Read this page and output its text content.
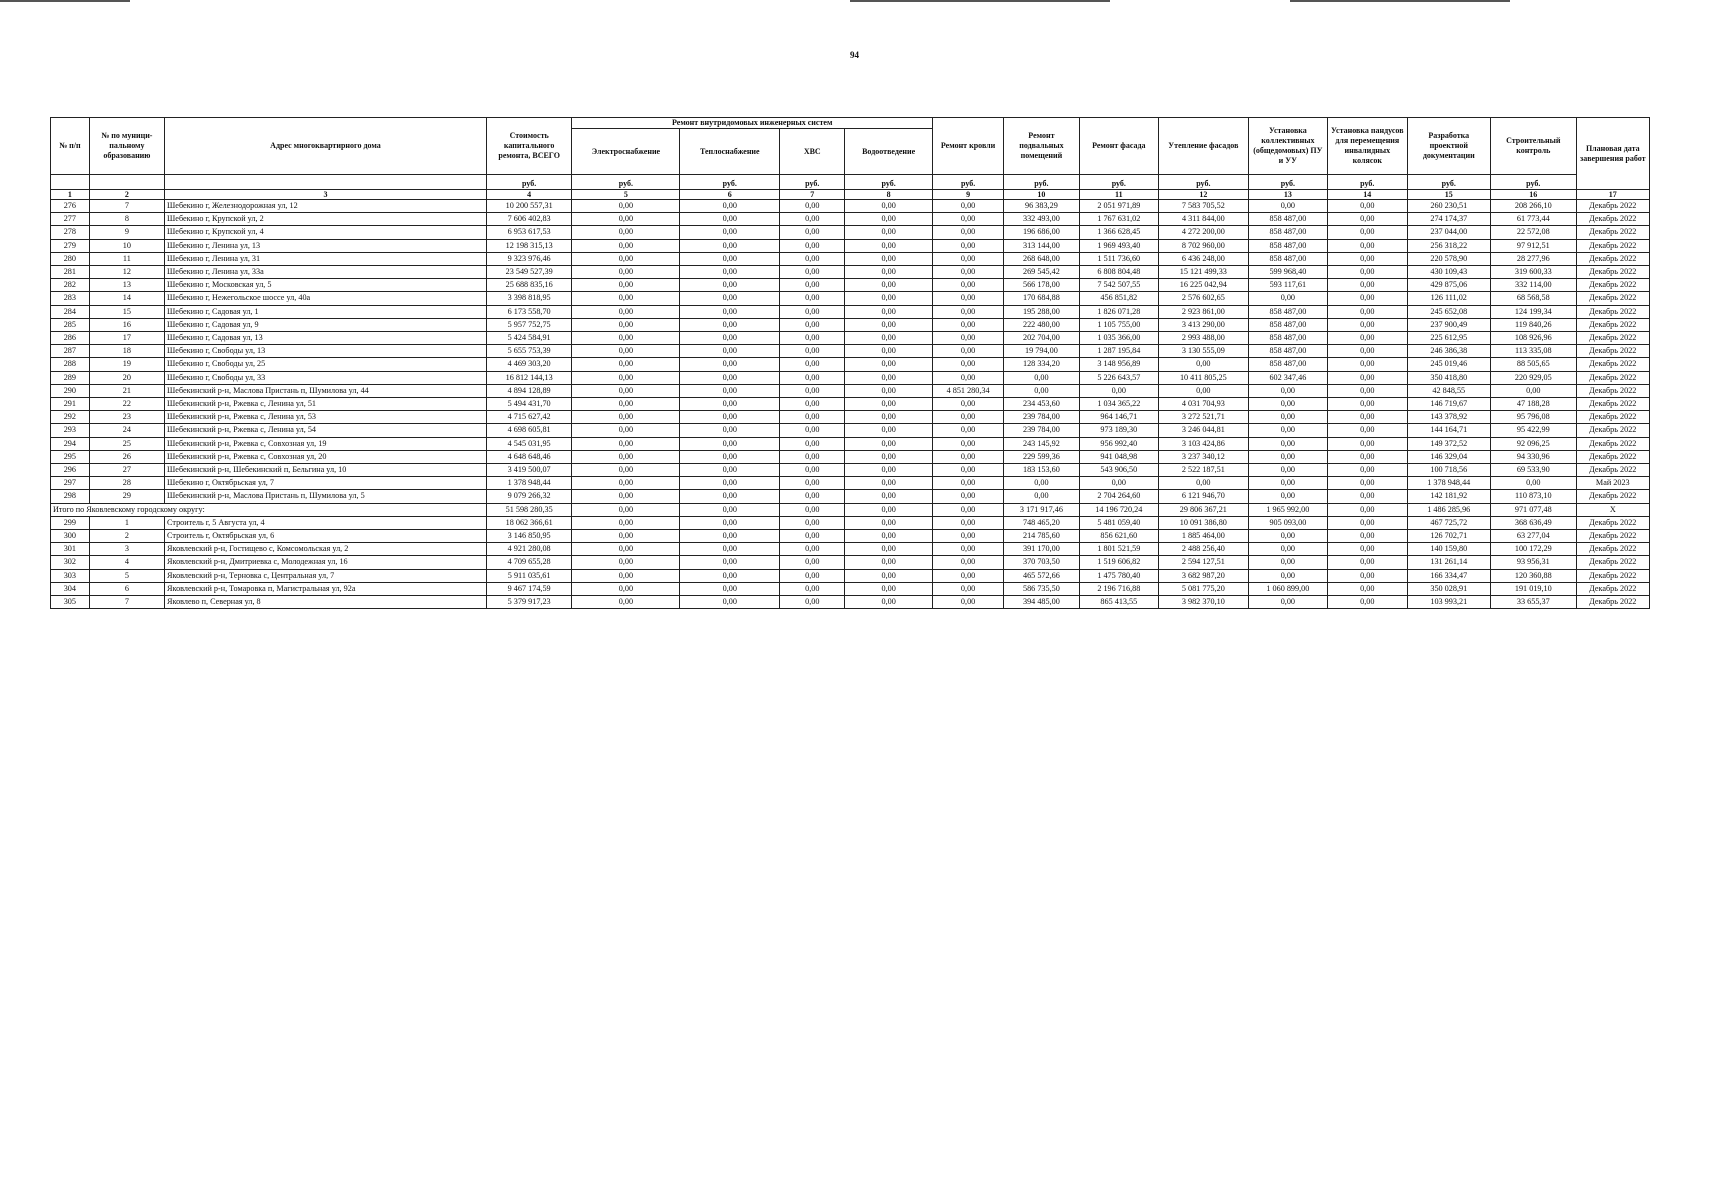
94
№ п/п	№ по муници-пальному образованию	Адрес многоквартирного дома	Стоимость капитального ремонта, ВСЕГО	Ремонт внутридомовых инженерных систем				Ремонт кровли	Ремонт подвальных помещений	Ремонт фасада	Утепление фасадов	Установка коллективных (общедомовых) ПУ и УУ	Установка пандусов для перемещения инвалидных колясок	Разработка проектной документации	Строительный контроль	Плановая дата завершения работ
				Электроснабжение	Теплоснабжение	ХВС	Водоотведение									
			руб.	руб.	руб.	руб.	руб.	руб.	руб.	руб.	руб.	руб.	руб.	руб.	руб.	
1	2	3	4	5	6	7	8	9	10	11	12	13	14	15	16	17
276	7	Шебекино г, Железнодорожная ул, 12	10 200 557,31	0,00	0,00	0,00	0,00	0,00	96 383,29	2 051 971,89	7 583 705,52	0,00	0,00	260 230,51	208 266,10	Декабрь 2022
277	8	Шебекино г, Крупской ул, 2	7 606 402,83	0,00	0,00	0,00	0,00	0,00	332 493,00	1 767 631,02	4 311 844,00	858 487,00	0,00	274 174,37	61 773,44	Декабрь 2022
278	9	Шебекино г, Крупской ул, 4	6 953 617,53	0,00	0,00	0,00	0,00	0,00	196 686,00	1 366 628,45	4 272 200,00	858 487,00	0,00	237 044,00	22 572,08	Декабрь 2022
279	10	Шебекино г, Ленина ул, 13	12 198 315,13	0,00	0,00	0,00	0,00	0,00	313 144,00	1 969 493,40	8 702 960,00	858 487,00	0,00	256 318,22	97 912,51	Декабрь 2022
280	11	Шебекино г, Ленина ул, 31	9 323 976,46	0,00	0,00	0,00	0,00	0,00	268 648,00	1 511 736,60	6 436 248,00	858 487,00	0,00	220 578,90	28 277,96	Декабрь 2022
281	12	Шебекино г, Ленина ул, 33а	23 549 527,39	0,00	0,00	0,00	0,00	0,00	269 545,42	6 808 804,48	15 121 499,33	599 968,40	0,00	430 109,43	319 600,33	Декабрь 2022
282	13	Шебекино г, Московская ул, 5	25 688 835,16	0,00	0,00	0,00	0,00	0,00	566 178,00	7 542 507,55	16 225 042,94	593 117,61	0,00	429 875,06	332 114,00	Декабрь 2022
283	14	Шебекино г, Нежегольское шоссе ул, 40а	3 398 818,95	0,00	0,00	0,00	0,00	0,00	170 684,88	456 851,82	2 576 602,65	0,00	0,00	126 111,02	68 568,58	Декабрь 2022
284	15	Шебекино г, Садовая ул, 1	6 173 558,70	0,00	0,00	0,00	0,00	0,00	195 288,00	1 826 071,28	2 923 861,00	858 487,00	0,00	245 652,08	124 199,34	Декабрь 2022
285	16	Шебекино г, Садовая ул, 9	5 957 752,75	0,00	0,00	0,00	0,00	0,00	222 480,00	1 105 755,00	3 413 290,00	858 487,00	0,00	237 900,49	119 840,26	Декабрь 2022
286	17	Шебекино г, Садовая ул, 13	5 424 584,91	0,00	0,00	0,00	0,00	0,00	202 704,00	1 035 366,00	2 993 488,00	858 487,00	0,00	225 612,95	108 926,96	Декабрь 2022
287	18	Шебекино г, Свободы ул, 13	5 655 753,39	0,00	0,00	0,00	0,00	0,00	19 794,00	1 287 195,84	3 130 555,09	858 487,00	0,00	246 386,38	113 335,08	Декабрь 2022
288	19	Шебекино г, Свободы ул, 25	4 469 303,20	0,00	0,00	0,00	0,00	0,00	128 334,20	3 148 956,89	0,00	858 487,00	0,00	245 019,46	88 505,65	Декабрь 2022
289	20	Шебекино г, Свободы ул, 33	16 812 144,13	0,00	0,00	0,00	0,00	0,00	0,00	5 226 643,57	10 411 805,25	602 347,46	0,00	350 418,80	220 929,05	Декабрь 2022
290	21	Шебекинский р-н, Маслова Пристань п, Шумилова ул, 44	4 894 128,89	0,00	0,00	0,00	0,00	4 851 280,34	0,00	0,00	0,00	0,00	0,00	42 848,55	0,00	Декабрь 2022
291	22	Шебекинский р-н, Ржевка с, Ленина ул, 51	5 494 431,70	0,00	0,00	0,00	0,00	0,00	234 453,60	1 034 365,22	4 031 704,93	0,00	0,00	146 719,67	47 188,28	Декабрь 2022
292	23	Шебекинский р-н, Ржевка с, Ленина ул, 53	4 715 627,42	0,00	0,00	0,00	0,00	0,00	239 784,00	964 146,71	3 272 521,71	0,00	0,00	143 378,92	95 796,08	Декабрь 2022
293	24	Шебекинский р-н, Ржевка с, Ленина ул, 54	4 698 605,81	0,00	0,00	0,00	0,00	0,00	239 784,00	973 189,30	3 246 044,81	0,00	0,00	144 164,71	95 422,99	Декабрь 2022
294	25	Шебекинский р-н, Ржевка с, Совхозная ул, 19	4 545 031,95	0,00	0,00	0,00	0,00	0,00	243 145,92	956 992,40	3 103 424,86	0,00	0,00	149 372,52	92 096,25	Декабрь 2022
295	26	Шебекинский р-н, Ржевка с, Совхозная ул, 20	4 648 648,46	0,00	0,00	0,00	0,00	0,00	229 599,36	941 048,98	3 237 340,12	0,00	0,00	146 329,04	94 330,96	Декабрь 2022
296	27	Шебекинский р-н, Шебекинский п, Бельгина ул, 10	3 419 500,07	0,00	0,00	0,00	0,00	0,00	183 153,60	543 906,50	2 522 187,51	0,00	0,00	100 718,56	69 533,90	Декабрь 2022
297	28	Шебекино г, Октябрьская ул, 7	1 378 948,44	0,00	0,00	0,00	0,00	0,00	0,00	0,00	0,00	0,00	0,00	1 378 948,44	0,00	Май 2023
298	29	Шебекинский р-н, Маслова Пристань п, Шумилова ул, 5	9 079 266,32	0,00	0,00	0,00	0,00	0,00	0,00	2 704 264,60	6 121 946,70	0,00	0,00	142 181,92	110 873,10	Декабрь 2022
Итого по Яковлевскому городскому округу:			51 598 280,35	0,00	0,00	0,00	0,00	0,00	3 171 917,46	14 196 720,24	29 806 367,21	1 965 992,00	0,00	1 486 285,96	971 077,48	Х
299	1	Строитель г, 5 Августа ул, 4	18 062 366,61	0,00	0,00	0,00	0,00	0,00	748 465,20	5 481 059,40	10 091 386,80	905 093,00	0,00	467 725,72	368 636,49	Декабрь 2022
300	2	Строитель г, Октябрьская ул, 6	3 146 850,95	0,00	0,00	0,00	0,00	0,00	214 785,60	856 621,60	1 885 464,00	0,00	0,00	126 702,71	63 277,04	Декабрь 2022
301	3	Яковлевский р-н, Гостищево с, Комсомольская ул, 2	4 921 280,08	0,00	0,00	0,00	0,00	0,00	391 170,00	1 801 521,59	2 488 256,40	0,00	0,00	140 159,80	100 172,29	Декабрь 2022
302	4	Яковлевский р-н, Дмитриевка с, Молодежная ул, 16	4 709 655,28	0,00	0,00	0,00	0,00	0,00	370 703,50	1 519 606,82	2 594 127,51	0,00	0,00	131 261,14	93 956,31	Декабрь 2022
303	5	Яковлевский р-н, Терновка с, Центральная ул, 7	5 911 035,61	0,00	0,00	0,00	0,00	0,00	465 572,66	1 475 780,40	3 682 987,20	0,00	0,00	166 334,47	120 360,88	Декабрь 2022
304	6	Яковлевский р-н, Томаровка п, Магистральная ул, 92а	9 467 174,59	0,00	0,00	0,00	0,00	0,00	586 735,50	2 196 716,88	5 081 775,20	1 060 899,00	0,00	350 028,91	191 019,10	Декабрь 2022
305	7	Яковлево п, Северная ул, 8	5 379 917,23	0,00	0,00	0,00	0,00	0,00	394 485,00	865 413,55	3 982 370,10	0,00	0,00	103 993,21	33 655,37	Декабрь 2022
